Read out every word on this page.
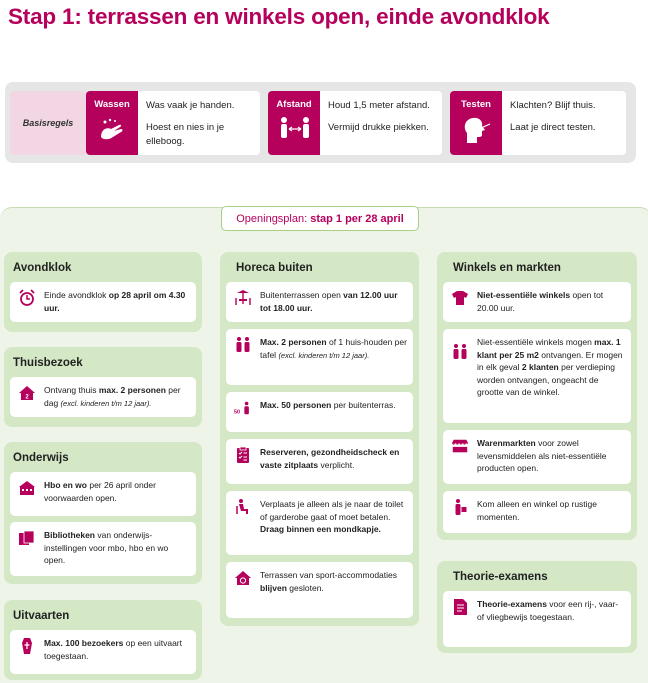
Stap 1: terrassen en winkels open, einde avondklok
Basisregels
Wassen	Was vaak je handen.

Hoest en nies in je elleboog.

Afstand	Houd 1,5 meter afstand.

Vermijd drukke piekken.

Testen	Klachten? Blijf thuis.

Laat je direct testen.

Openingsplan:
stap 1 per 28 april
Avondklok
Einde avondklok op 28 april om 4.30 uur.
Thuisbezoek
2
Ontvang thuis max. 2 personen per dag (excl. kinderen t/m 12 jaar).
Onderwijs
Hbo en wo per 26 april onder voorwaarden open.
Bibliotheken van onderwijs-instellingen voor mbo, hbo en wo open.
Uitvaarten
Max. 100 bezoekers op een uitvaart toegestaan.
Horeca buiten
Buitenterrassen open van 12.00 uur tot 18.00 uur.
Max. 2 personen of 1 huis-houden per tafel (excl. kinderen t/m 12 jaar).
50
Max. 50 personen per buitenterras.
Reserveren, gezondheidscheck en vaste zitplaats verplicht.
Verplaats je alleen als je naar de toilet of garderobe gaat of moet betalen. Draag binnen een mondkapje.
Terrassen van sport-accommodaties blijven gesloten.
Winkels en markten
Niet-essentiële winkels open tot 20.00 uur.
Niet-essentiële winkels mogen max. 1 klant per 25 m2 ontvangen. Er mogen in elk geval 2 klanten per verdieping worden ontvangen, ongeacht de grootte van de winkel.
Warenmarkten voor zowel levensmiddelen als niet-essentiële producten open.
Kom alleen en winkel op rustige momenten.
Theorie-examens
Theorie-examens voor een rij-, vaar- of vliegbewijs toegestaan.
